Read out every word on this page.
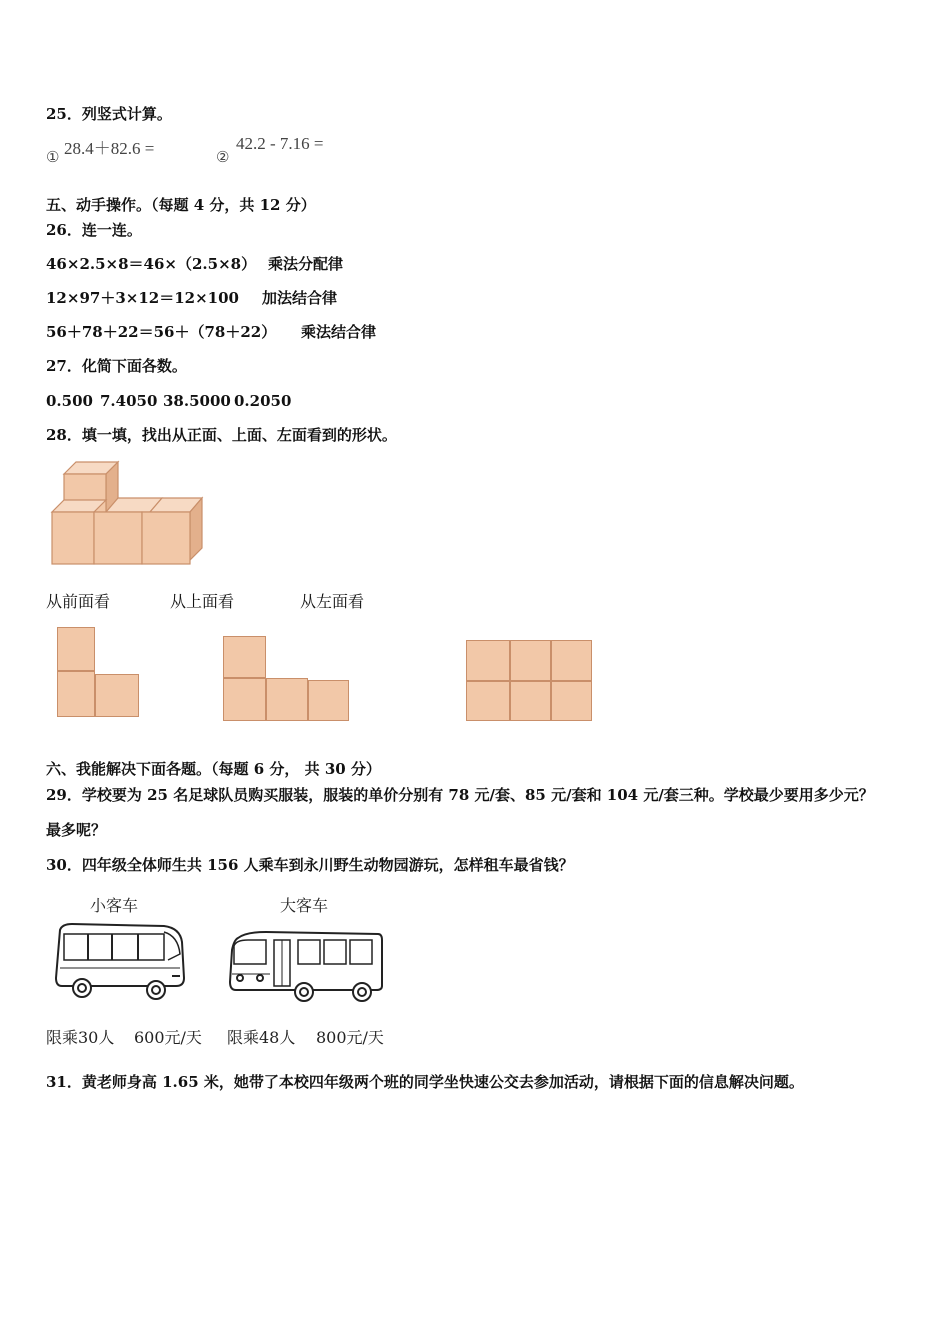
25．列竖式计算。
① 28.4＋82.6 =	②
42.2 - 7.16 =
五、动手操作。（每题 4 分，共 12 分）
26．连一连。
46×2.5×8＝46×（2.5×8） 乘法分配律
12×97＋3×12＝12×100 加法结合律
56＋78＋22＝56＋（78＋22） 乘法结合律
27．化简下面各数。
0.500 7.4050 38.5000 0.2050
28．填一填，找出从正面、上面、左面看到的形状。
从前面看	从上面看	从左面看
六、我能解决下面各题。（每题 6 分， 共 30 分）
29．学校要为 25 名足球队员购买服装，服装的单价分别有 78 元/套、85 元/套和 104 元/套三种。学校最少要用多少元？
最多呢？
30．四年级全体师生共 156 人乘车到永川野生动物园游玩，怎样租车最省钱？
小客车	大客车
限乘30人 600元/天 限乘48人 800元/天
31．黄老师身高 1.65 米，她带了本校四年级两个班的同学坐快速公交去参加活动，请根据下面的信息解决问题。
